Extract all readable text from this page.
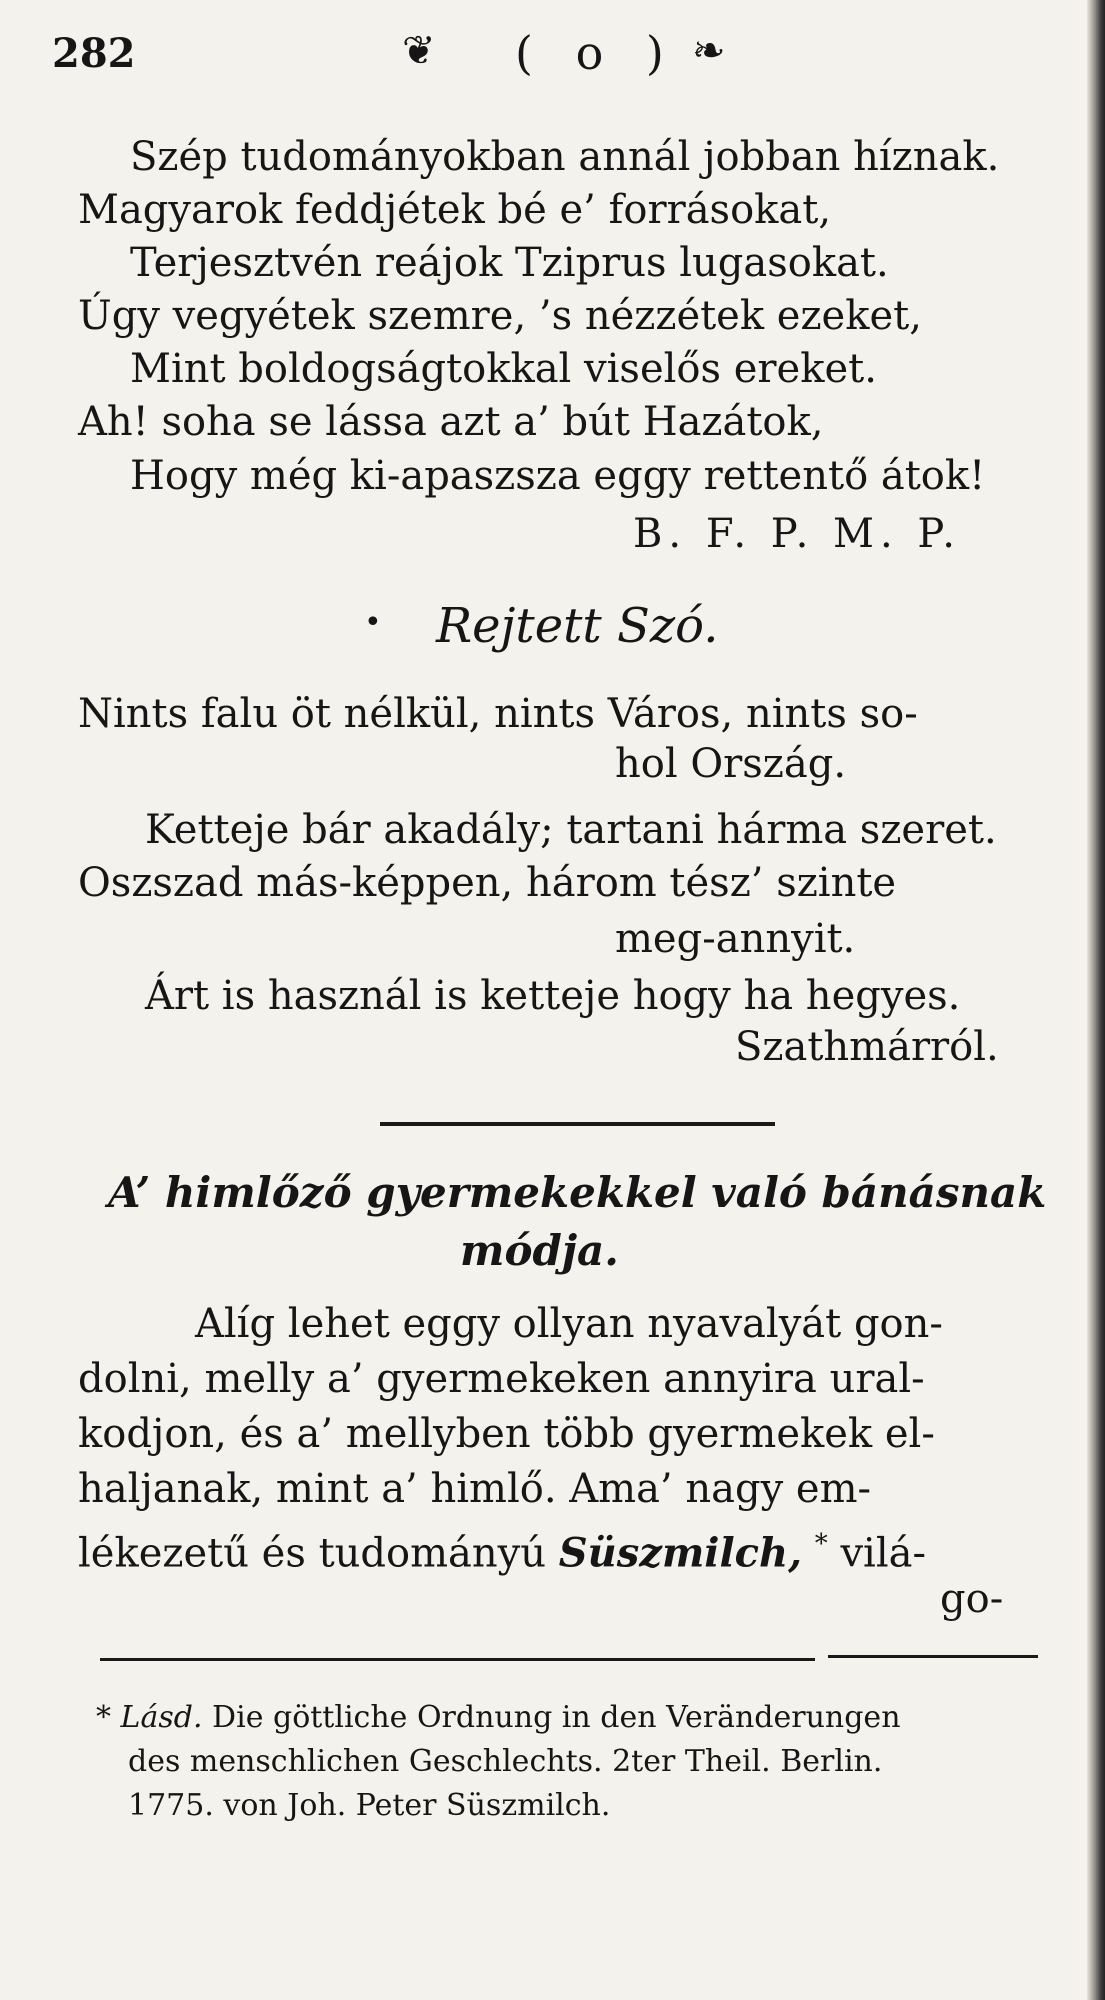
282	❦ ( o ) ❧
Szép tudományokban annál jobban híznak.
Magyarok feddjétek bé e’ forrásokat,
Terjesztvén reájok Tziprus lugasokat.
Úgy vegyétek szemre, ’s nézzétek ezeket,
Mint boldogságtokkal viselős ereket.
Ah! soha se lássa azt a’ bút Hazátok,
Hogy még ki-apaszsza eggy rettentő átok!
B. F. P. M. P.
• Rejtett Szó.
Nints falu öt nélkül, nints Város, nints so-
hol Ország.
Ketteje bár akadály; tartani hárma szeret.
Oszszad más-képpen, három tész’ szinte
meg-annyit.
Árt is használ is ketteje hogy ha hegyes.
Szathmárról.
A’ himlőző gyermekekkel való bánásnak
módja.
Alíg lehet eggy ollyan nyavalyát gon-
dolni, melly a’ gyermekeken annyira ural-
kodjon, és a’ mellyben több gyermekek el-
haljanak, mint a’ himlő. Ama’ nagy em-
lékezetű és tudományú Süszmilch, * vilá-
go-
* Lásd. Die göttliche Ordnung in den Veränderungen
des menschlichen Geschlechts. 2ter Theil. Berlin.
1775. von Joh. Peter Süszmilch.
